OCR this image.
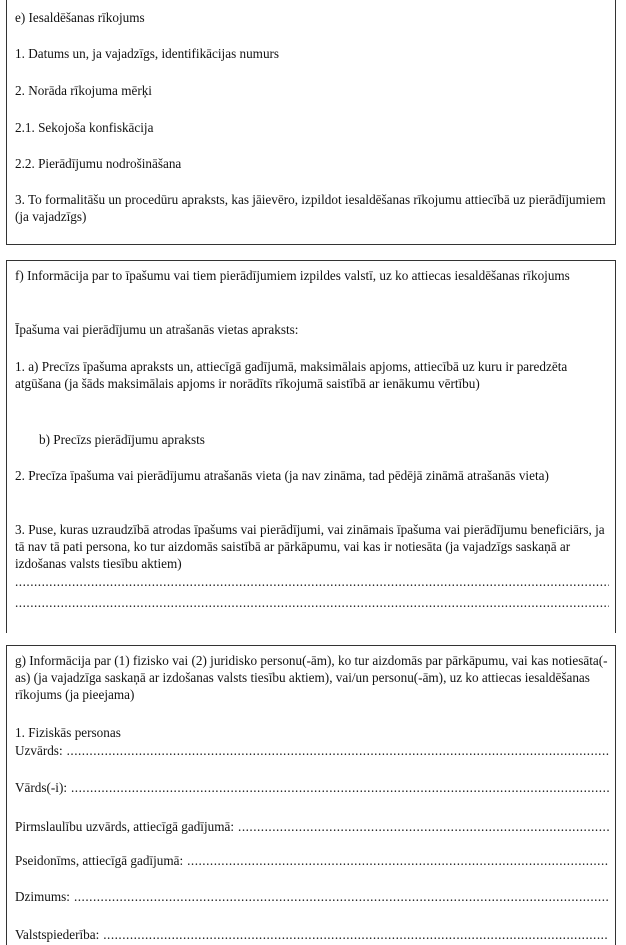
e) Iesaldēšanas rīkojums
1. Datums un, ja vajadzīgs, identifikācijas numurs
2. Norāda rīkojuma mērķi
2.1. Sekojoša konfiskācija
2.2. Pierādījumu nodrošināšana
3. To formalitāšu un procedūru apraksts, kas jāievēro, izpildot iesaldēšanas rīkojumu attiecībā uz pierādījumiem (ja vajadzīgs)
f) Informācija par to īpašumu vai tiem pierādījumiem izpildes valstī, uz ko attiecas iesaldēšanas rīkojums
Īpašuma vai pierādījumu un atrašanās vietas apraksts:
1. a) Precīzs īpašuma apraksts un, attiecīgā gadījumā, maksimālais apjoms, attiecībā uz kuru ir paredzēta atgūšana (ja šāds maksimālais apjoms ir norādīts rīkojumā saistībā ar ienākumu vērtību)
b) Precīzs pierādījumu apraksts
2. Precīza īpašuma vai pierādījumu atrašanās vieta (ja nav zināma, tad pēdējā zināmā atrašanās vieta)
3. Puse, kuras uzraudzībā atrodas īpašums vai pierādījumi, vai zināmais īpašuma vai pierādījumu beneficiārs, ja tā nav tā pati persona, ko tur aizdomās saistībā ar pārkāpumu, vai kas ir notiesāta (ja vajadzīgs saskaņā ar izdošanas valsts tiesību aktiem)
.....
.....
g) Informācija par (1) fizisko vai (2) juridisko personu(-ām), ko tur aizdomās par pārkāpumu, vai kas notiesāta(-as) (ja vajadzīga saskaņā ar izdošanas valsts tiesību aktiem), vai/un personu(-ām), uz ko attiecas iesaldēšanas rīkojums (ja pieejama)
1. Fiziskās personas
Uzvārds:
.....
Vārds(-i):
.....
Pirmslaulību uzvārds, attiecīgā gadījumā:
.....
Pseidonīms, attiecīgā gadījumā:
.....
Dzimums:
.....
Valstspiederība:
.....
